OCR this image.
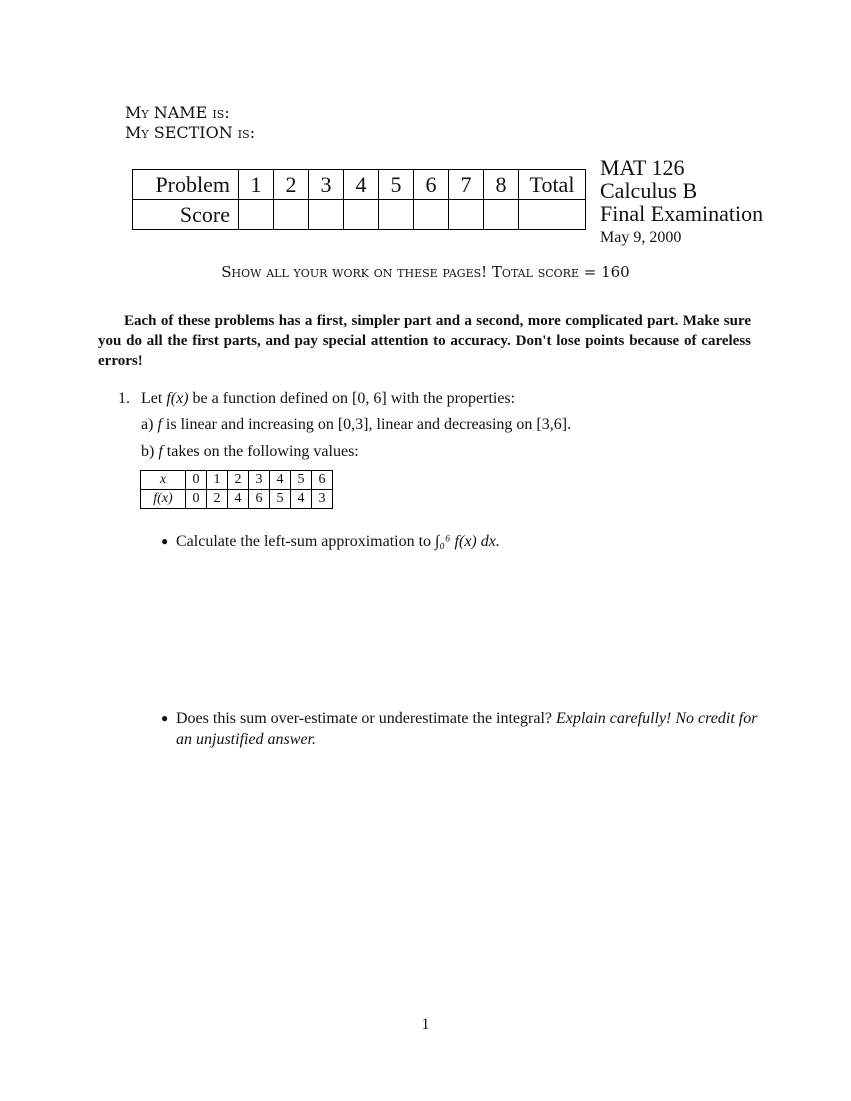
My NAME is:
My SECTION is:
Problem	1	2	3	4	5	6	7	8	Total
Score									
MAT 126
Calculus B
Final Examination
May 9, 2000
Show all your work on these pages! Total score = 160
Each of these problems has a first, simpler part and a second, more complicated part. Make sure you do all the first parts, and pay special attention to accuracy. Don't lose points because of careless errors!
1. Let f(x) be a function defined on [0, 6] with the properties:
a) f is linear and increasing on [0,3], linear and decreasing on [3,6].
b) f takes on the following values:
x	0	1	2	3	4	5	6
f(x)	0	2	4	6	5	4	3
● Calculate the left-sum approximation to ∫₀⁶ f(x) dx.
● Does this sum over-estimate or underestimate the integral? Explain carefully! No credit for an unjustified answer.
1
